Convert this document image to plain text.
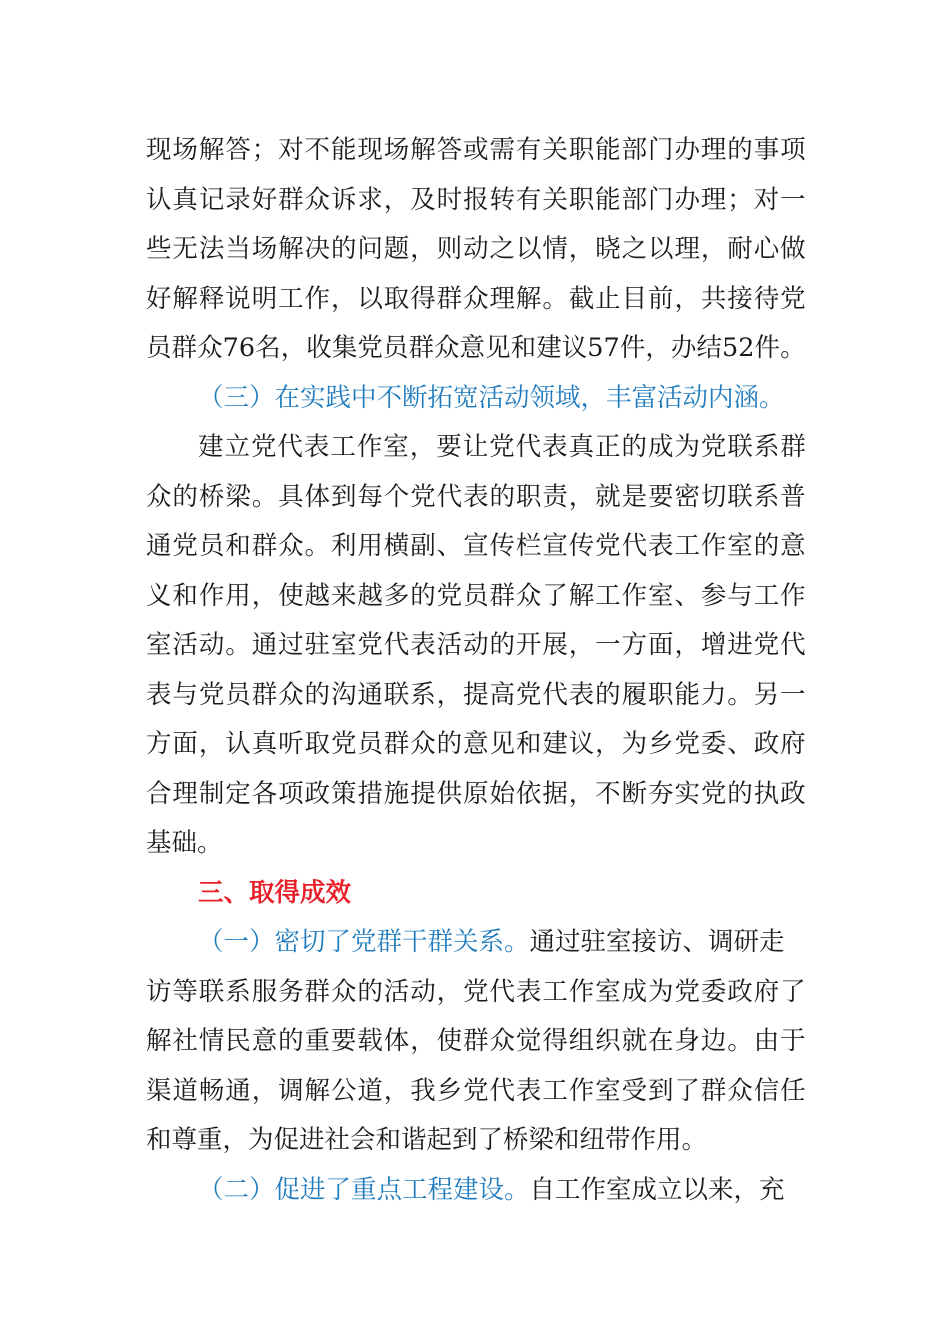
现 场 解 答 ； 对 不 能 现 场 解 答 或 需 有 关 职 能 部 门 办 理 的 事 项
认 真 记 录 好 群 众 诉 求 ， 及 时 报 转 有 关 职 能 部 门 办 理 ； 对 一
些 无 法 当 场 解 决 的 问 题 ， 则 动 之 以 情 ， 晓 之 以 理 ， 耐 心 做
好 解 释 说 明 工 作 ， 以 取 得 群 众 理 解 。 截 止 目 前 ， 共 接 待 党
员 群 众 7 6 名 ， 收 集 党 员 群 众 意 见 和 建 议 5 7 件 ， 办 结 5 2 件 。
（三）在实践中不断拓宽活动领域，丰富活动内涵。
建 立 党 代 表 工 作 室 ， 要 让 党 代 表 真 正 的 成 为 党 联 系 群
众 的 桥 梁 。 具 体 到 每 个 党 代 表 的 职 责 ， 就 是 要 密 切 联 系 普
通 党 员 和 群 众 。 利 用 横 副 、 宣 传 栏 宣 传 党 代 表 工 作 室 的 意
义 和 作 用 ， 使 越 来 越 多 的 党 员 群 众 了 解 工 作 室 、 参 与 工 作
室 活 动 。 通 过 驻 室 党 代 表 活 动 的 开 展 ， 一 方 面 ， 增 进 党 代
表 与 党 员 群 众 的 沟 通 联 系 ， 提 高 党 代 表 的 履 职 能 力 。 另 一
方 面 ， 认 真 听 取 党 员 群 众 的 意 见 和 建 议 ， 为 乡 党 委 、 政 府
合 理 制 定 各 项 政 策 措 施 提 供 原 始 依 据 ， 不 断 夯 实 党 的 执 政
基础。
三、取得成效
（一）密切了党群干群关系。 通过驻室接访、调研走
访 等 联 系 服 务 群 众 的 活 动 ， 党 代 表 工 作 室 成 为 党 委 政 府 了
解 社 情 民 意 的 重 要 载 体 ， 使 群 众 觉 得 组 织 就 在 身 边 。 由 于
渠 道 畅 通 ， 调 解 公 道 ， 我 乡 党 代 表 工 作 室 受 到 了 群 众 信 任
和尊重，为促进社会和谐起到了桥梁和纽带作用。
（二）促进了重点工程建设。 自工作室成立以来，充
